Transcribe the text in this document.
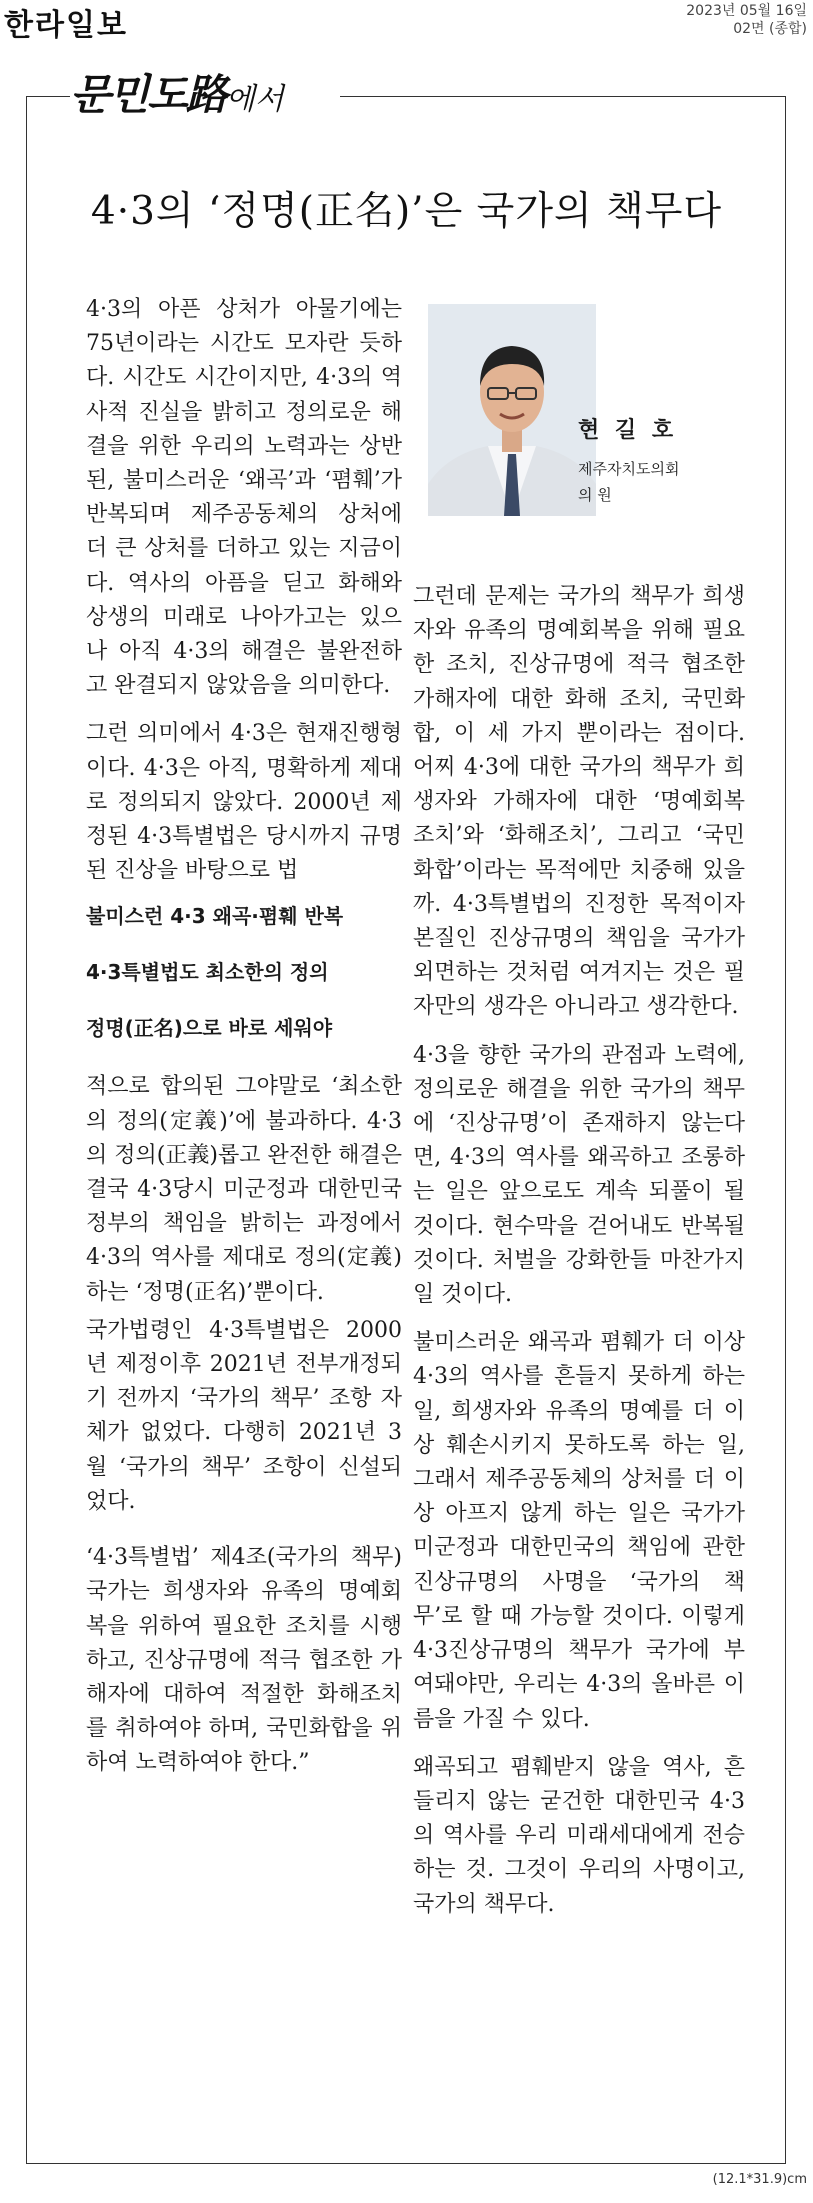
한라일보	2023년 05월 16일
02면 (종합)
문민도路에서
4·3의 ‘정명(正名)’은 국가의 책무다

4·3의 아픈 상처가 아물기에는 75년이라는 시간도 모자란 듯하다. 시간도 시간이지만, 4·3의 역사적 진실을 밝히고 정의로운 해결을 위한 우리의 노력과는 상반된, 불미스러운 ‘왜곡’과 ‘폄훼’가 반복되며 제주공동체의 상처에 더 큰 상처를 더하고 있는 지금이다. 역사의 아픔을 딛고 화해와 상생의 미래로 나아가고는 있으나 아직 4·3의 해결은 불완전하고 완결되지 않았음을 의미한다.

그런 의미에서 4·3은 현재진행형이다. 4·3은 아직, 명확하게 제대로 정의되지 않았다. 2000년 제정된 4·3특별법은 당시까지 규명된 진상을 바탕으로 법

불미스런 4·3 왜곡·폄훼 반복

4·3특별법도 최소한의 정의

정명(正名)으로 바로 세워야

적으로 합의된 그야말로 ‘최소한의 정의(定義)’에 불과하다. 4·3의 정의(正義)롭고 완전한 해결은 결국 4·3당시 미군정과 대한민국 정부의 책임을 밝히는 과정에서 4·3의 역사를 제대로 정의(定義)하는 ‘정명(正名)’뿐이다.

국가법령인 4·3특별법은 2000년 제정이후 2021년 전부개정되기 전까지 ‘국가의 책무’ 조항 자체가 없었다. 다행히 2021년 3월 ‘국가의 책무’ 조항이 신설되었다.

‘4·3특별법’ 제4조(국가의 책무) 국가는 희생자와 유족의 명예회복을 위하여 필요한 조치를 시행하고, 진상규명에 적극 협조한 가해자에 대하여 적절한 화해조치를 취하여야 하며, 국민화합을 위하여 노력하여야 한다.”

현 길 호
제주자치도의회
의 원

그런데 문제는 국가의 책무가 희생자와 유족의 명예회복을 위해 필요한 조치, 진상규명에 적극 협조한 가해자에 대한 화해 조치, 국민화합, 이 세 가지 뿐이라는 점이다. 어찌 4·3에 대한 국가의 책무가 희생자와 가해자에 대한 ‘명예회복 조치’와 ‘화해조치’, 그리고 ‘국민화합’이라는 목적에만 치중해 있을까. 4·3특별법의 진정한 목적이자 본질인 진상규명의 책임을 국가가 외면하는 것처럼 여겨지는 것은 필자만의 생각은 아니라고 생각한다.

4·3을 향한 국가의 관점과 노력에, 정의로운 해결을 위한 국가의 책무에 ‘진상규명’이 존재하지 않는다면, 4·3의 역사를 왜곡하고 조롱하는 일은 앞으로도 계속 되풀이 될 것이다. 현수막을 걷어내도 반복될 것이다. 처벌을 강화한들 마찬가지일 것이다.

불미스러운 왜곡과 폄훼가 더 이상 4·3의 역사를 흔들지 못하게 하는 일, 희생자와 유족의 명예를 더 이상 훼손시키지 못하도록 하는 일, 그래서 제주공동체의 상처를 더 이상 아프지 않게 하는 일은 국가가 미군정과 대한민국의 책임에 관한 진상규명의 사명을 ‘국가의 책무’로 할 때 가능할 것이다. 이렇게 4·3진상규명의 책무가 국가에 부여돼야만, 우리는 4·3의 올바른 이름을 가질 수 있다.

왜곡되고 폄훼받지 않을 역사, 흔들리지 않는 굳건한 대한민국 4·3의 역사를 우리 미래세대에게 전승하는 것. 그것이 우리의 사명이고, 국가의 책무다.

(12.1*31.9)cm
